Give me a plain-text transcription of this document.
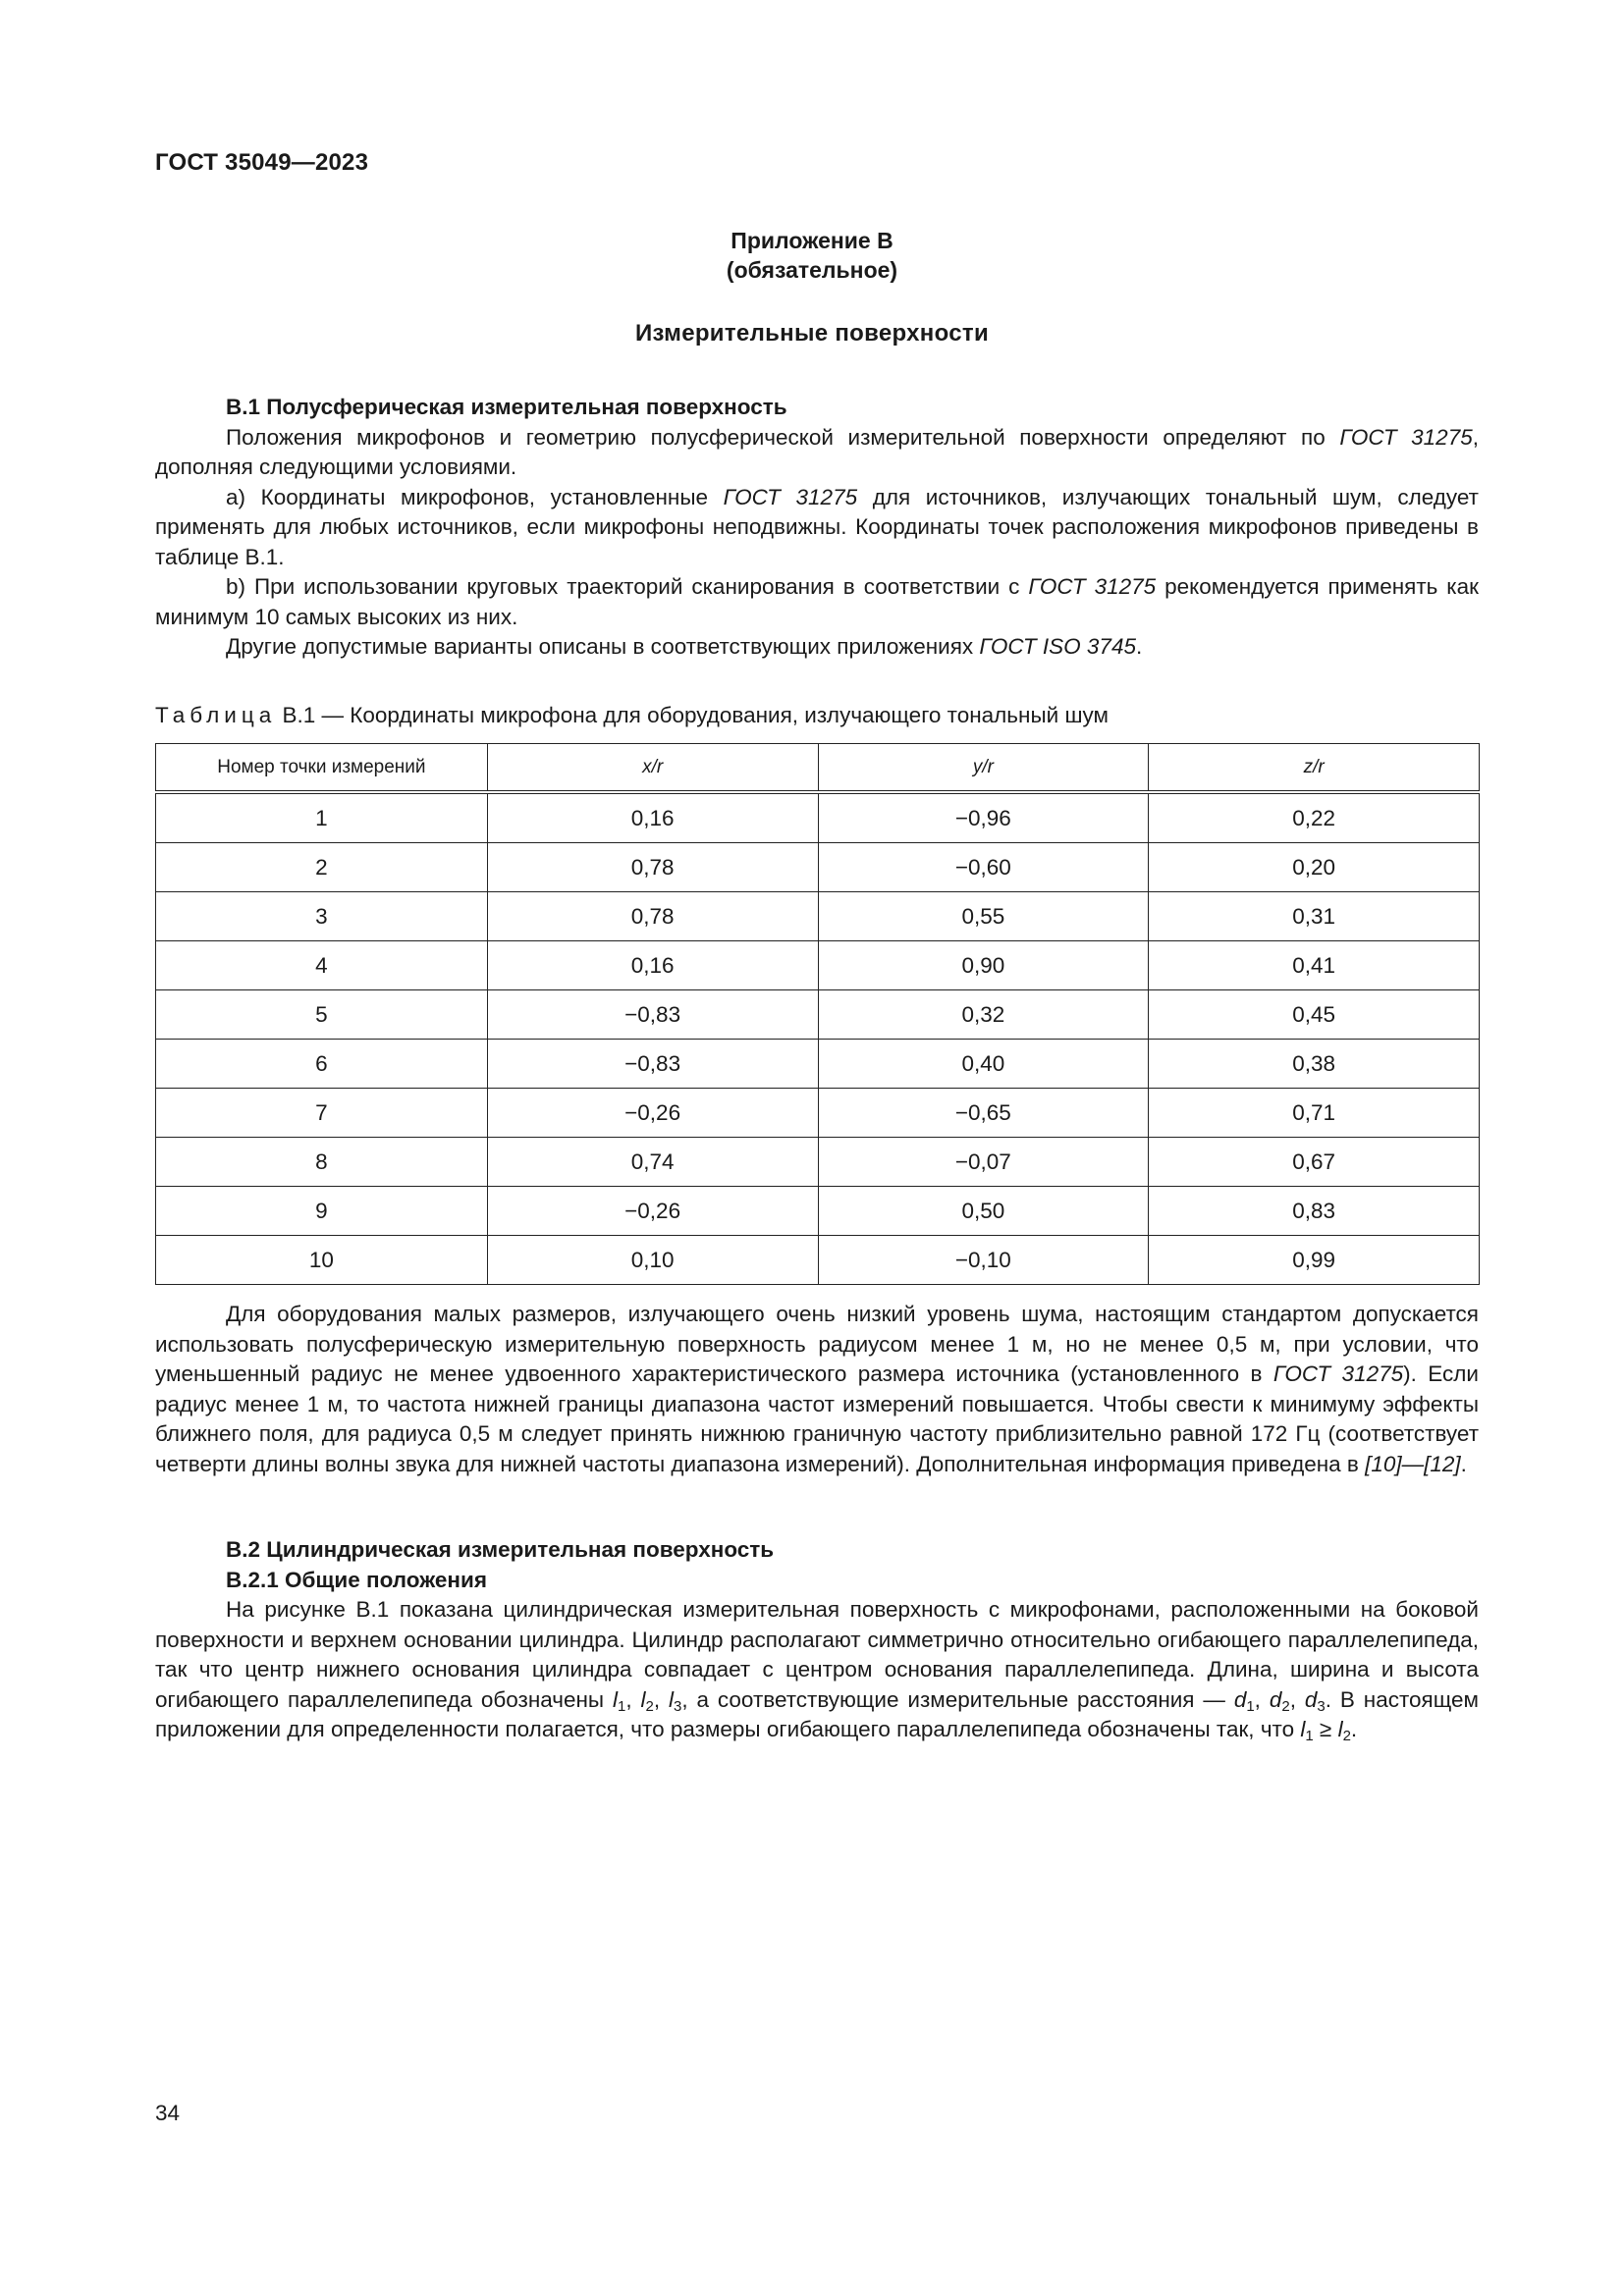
ГОСТ 35049—2023
Приложение В
(обязательное)
Измерительные поверхности

В.1 Полусферическая измерительная поверхность

Положения микрофонов и геометрию полусферической измерительной поверхности определяют по ГОСТ 31275, дополняя следующими условиями.

a) Координаты микрофонов, установленные ГОСТ 31275 для источников, излучающих тональный шум, следует применять для любых источников, если микрофоны неподвижны. Координаты точек расположения микрофонов приведены в таблице В.1.

b) При использовании круговых траекторий сканирования в соответствии с ГОСТ 31275 рекомендуется применять как минимум 10 самых высоких из них.

Другие допустимые варианты описаны в соответствующих приложениях ГОСТ ISO 3745.

Таблица В.1 — Координаты микрофона для оборудования, излучающего тональный шум
Номер точки измерений	x/r	y/r	z/r
1	0,16	−0,96	0,22
2	0,78	−0,60	0,20
3	0,78	0,55	0,31
4	0,16	0,90	0,41
5	−0,83	0,32	0,45
6	−0,83	0,40	0,38
7	−0,26	−0,65	0,71
8	0,74	−0,07	0,67
9	−0,26	0,50	0,83
10	0,10	−0,10	0,99

Для оборудования малых размеров, излучающего очень низкий уровень шума, настоящим стандартом допускается использовать полусферическую измерительную поверхность радиусом менее 1 м, но не менее 0,5 м, при условии, что уменьшенный радиус не менее удвоенного характеристического размера источника (установленного в ГОСТ 31275). Если радиус менее 1 м, то частота нижней границы диапазона частот измерений повышается. Чтобы свести к минимуму эффекты ближнего поля, для радиуса 0,5 м следует принять нижнюю граничную частоту приблизительно равной 172 Гц (соответствует четверти длины волны звука для нижней частоты диапазона измерений). Дополнительная информация приведена в [10]—[12].

В.2 Цилиндрическая измерительная поверхность

В.2.1 Общие положения

На рисунке В.1 показана цилиндрическая измерительная поверхность с микрофонами, расположенными на боковой поверхности и верхнем основании цилиндра. Цилиндр располагают симметрично относительно огибающего параллелепипеда, так что центр нижнего основания цилиндра совпадает с центром основания параллелепипеда. Длина, ширина и высота огибающего параллелепипеда обозначены $l_1$, $l_2$, $l_3$, а соответствующие измерительные расстояния — $d_1$, $d_2$, $d_3$. В настоящем приложении для определенности полагается, что размеры огибающего параллелепипеда обозначены так, что $l_1 \ge l_2$.

34
